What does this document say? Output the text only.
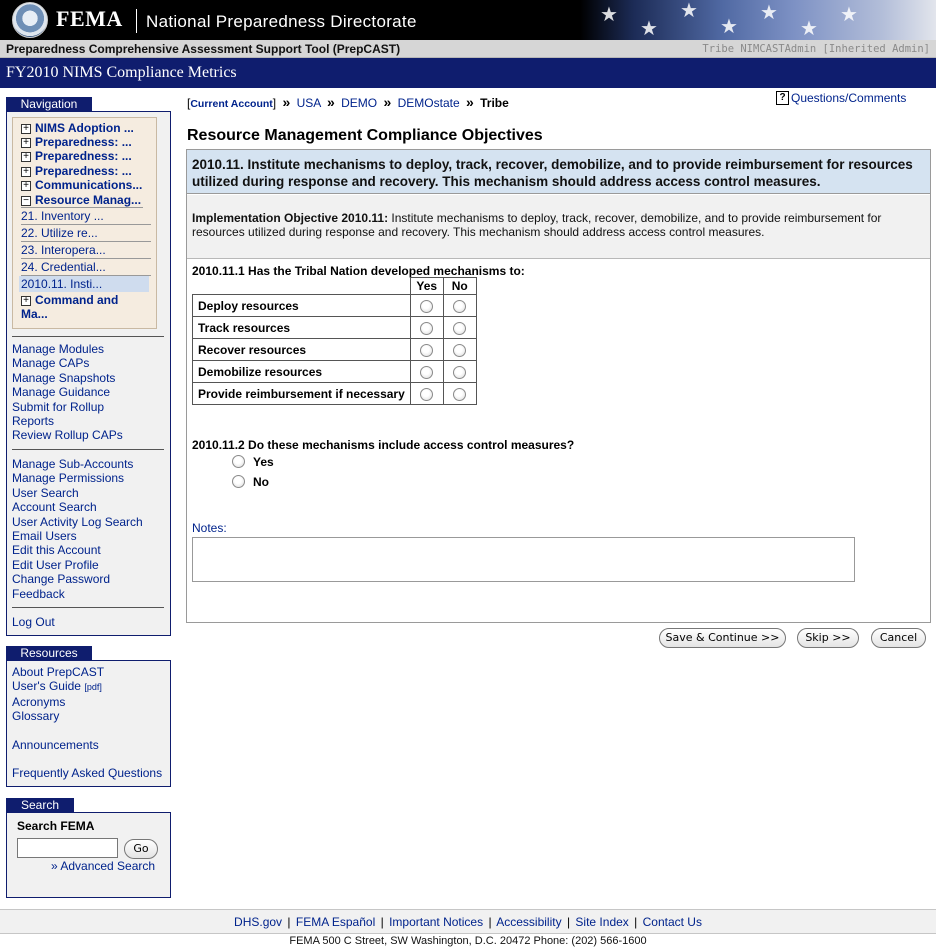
FEMA National Preparedness Directorate	★
★
★
★
★
★
★
Preparedness Comprehensive Assessment Support Tool (PrepCAST)	Tribe NIMCASTAdmin [Inherited Admin]
FY2010 NIMS Compliance Metrics
Navigation
+ NIMS Adoption ...
+ Preparedness: ...
+ Preparedness: ...
+ Preparedness: ...
+ Communications...
− Resource Manag...
21. Inventory ...
22. Utilize re...
23. Interopera...
24. Credential...
2010.11. Insti...
+ Command and
Ma...
Manage Modules
Manage CAPs
Manage Snapshots
Manage Guidance
Submit for Rollup
Reports
Review Rollup CAPs
Manage Sub-Accounts
Manage Permissions
User Search
Account Search
User Activity Log Search
Email Users
Edit this Account
Edit User Profile
Change Password
Feedback
Log Out
Resources
About PrepCAST
User's Guide [pdf]
Acronyms
Glossary
Announcements
Frequently Asked Questions
Search
Search FEMA
Go
» Advanced Search
[Current Account] » USA » DEMO » DEMOstate » Tribe	? Questions/Comments
Resource Management Compliance Objectives
2010.11. Institute mechanisms to deploy, track, recover, demobilize, and to provide reimbursement for resources utilized during response and recovery. This mechanism should address access control measures.
Implementation Objective 2010.11: Institute mechanisms to deploy, track, recover, demobilize, and to provide reimbursement for resources utilized during response and recovery. This mechanism should address access control measures.
2010.11.1 Has the Tribal Nation developed mechanisms to:
	Yes	No
Deploy resources		
Track resources		
Recover resources		
Demobilize resources		
Provide reimbursement if necessary		
2010.11.2 Do these mechanisms include access control measures?
Yes
No
Notes:
Save & Continue >>	Skip >>	Cancel
DHS.gov | FEMA Español | Important Notices | Accessibility | Site Index | Contact Us
FEMA 500 C Street, SW Washington, D.C. 20472 Phone: (202) 566-1600
